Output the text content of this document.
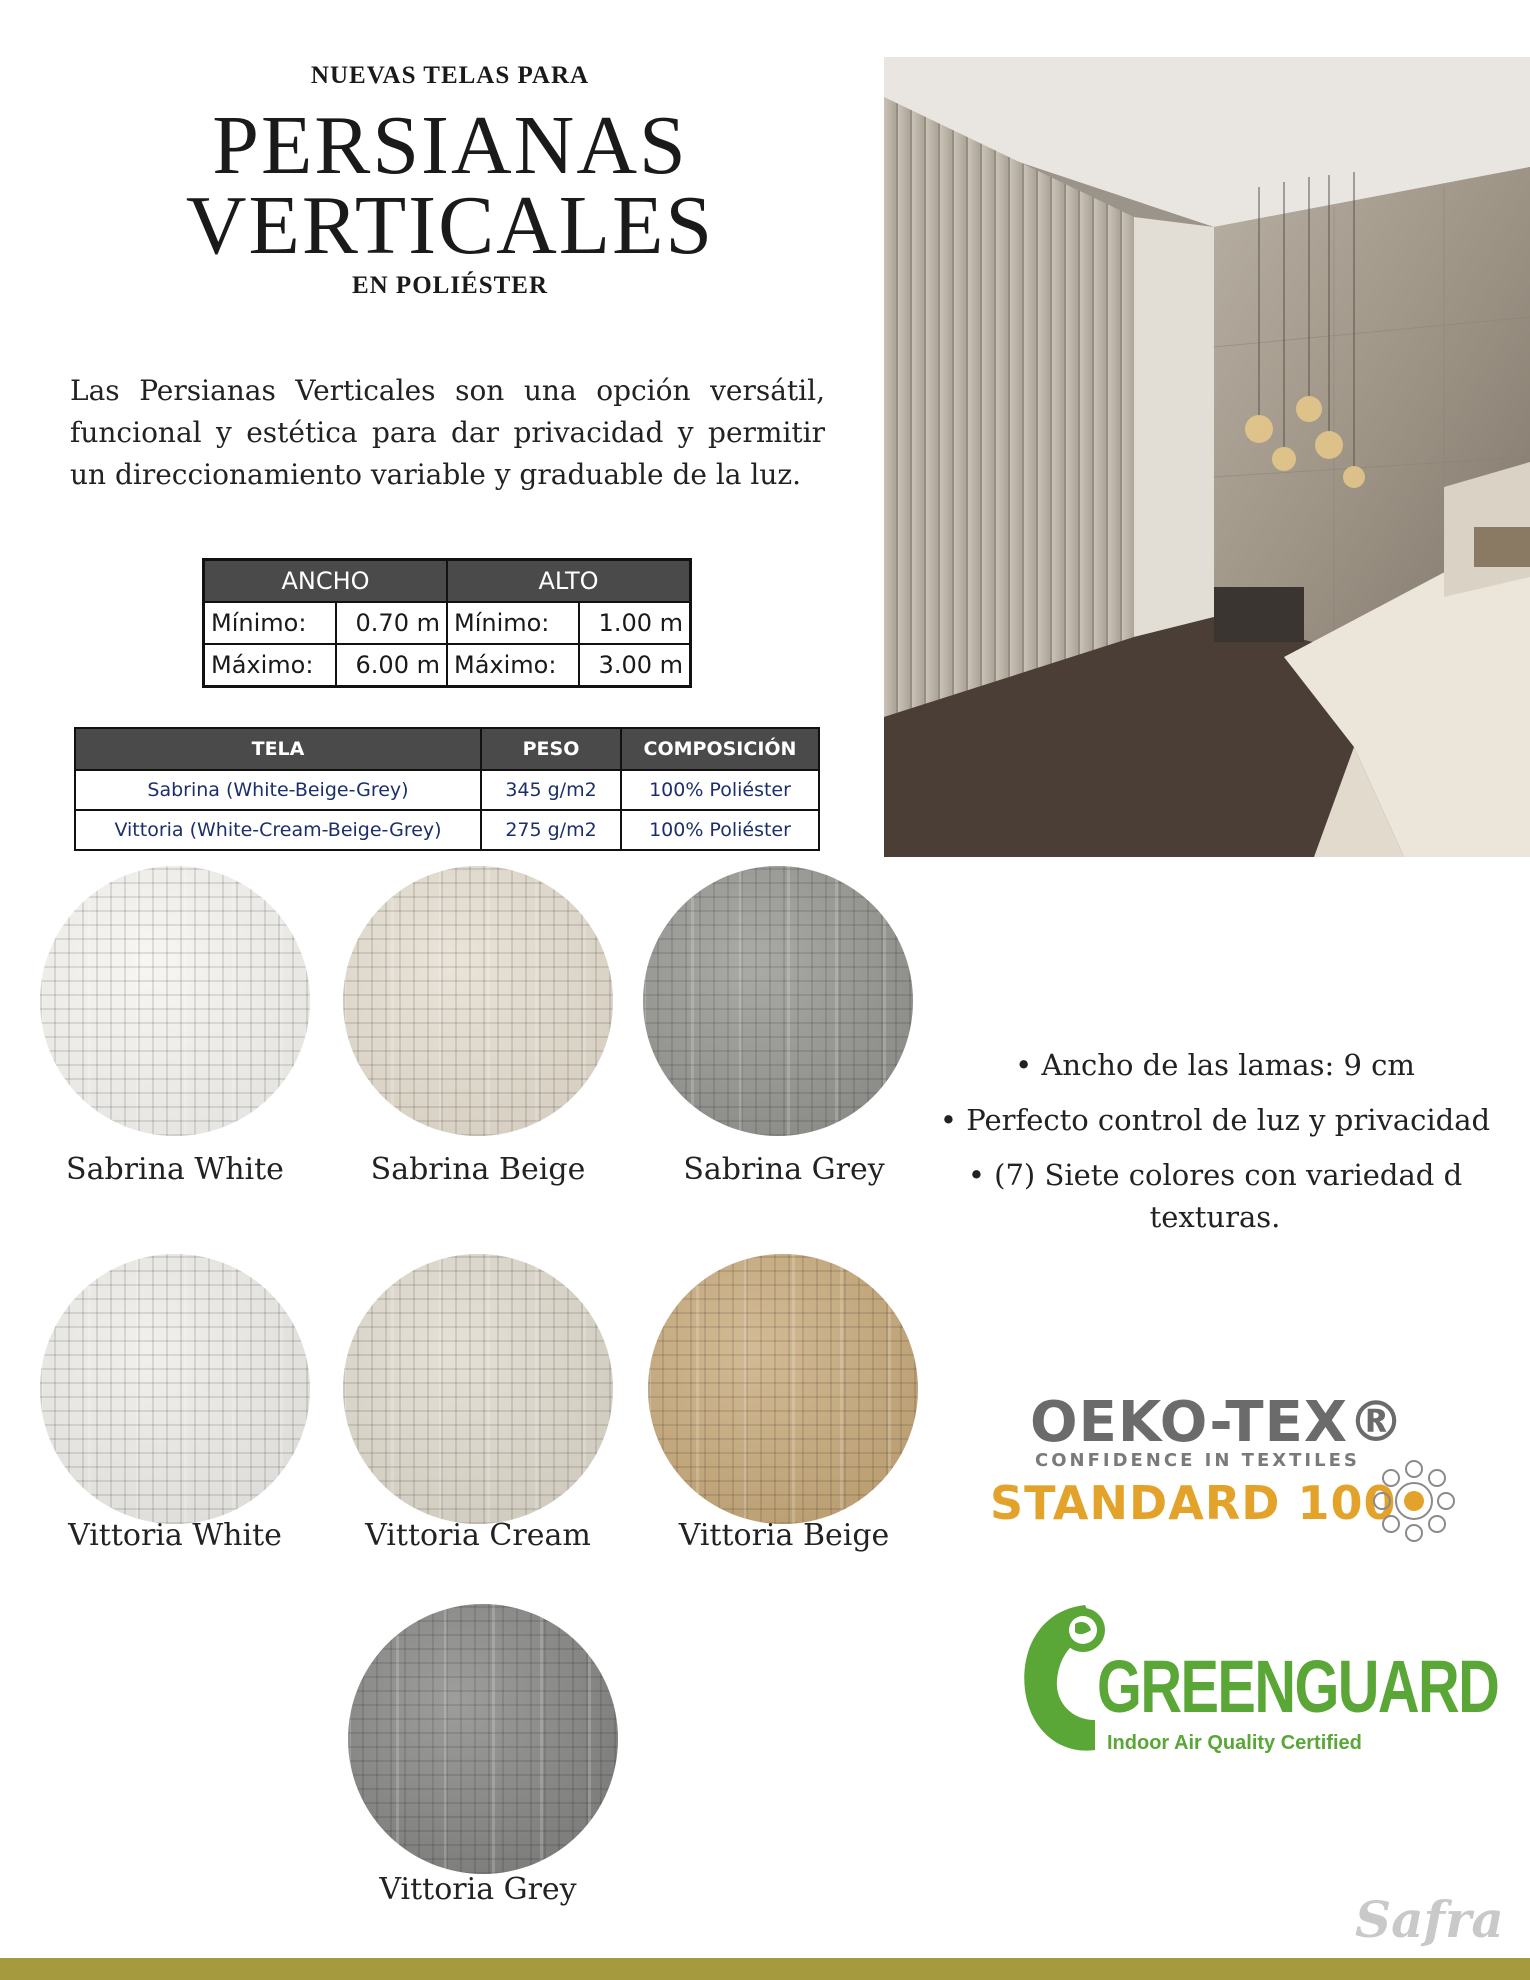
NUEVAS TELAS PARA
PERSIANAS
VERTICALES
EN POLIÉSTER
Las Persianas Verticales son una opción versátil, funcional y estética para dar privacidad y permitir un direccionamiento variable y graduable de la luz.
ANCHO		ALTO	
Mínimo:	0.70 m	Mínimo:	1.00 m
Máximo:	6.00 m	Máximo:	3.00 m
TELA	PESO	COMPOSICIÓN
Sabrina (White-Beige-Grey)	345 g/m2	100% Poliéster
Vittoria (White-Cream-Beige-Grey)	275 g/m2	100% Poliéster
Sabrina White	Sabrina Beige	Sabrina Grey
Vittoria White	Vittoria Cream	Vittoria Beige
Vittoria Grey
• Ancho de las lamas: 9 cm
• Perfecto control de luz y privacidad
• (7) Siete colores con variedad d texturas.
OEKO-TEX®
CONFIDENCE IN TEXTILES
STANDARD 100
GREENGUARD
Indoor Air Quality Certified
Safra
